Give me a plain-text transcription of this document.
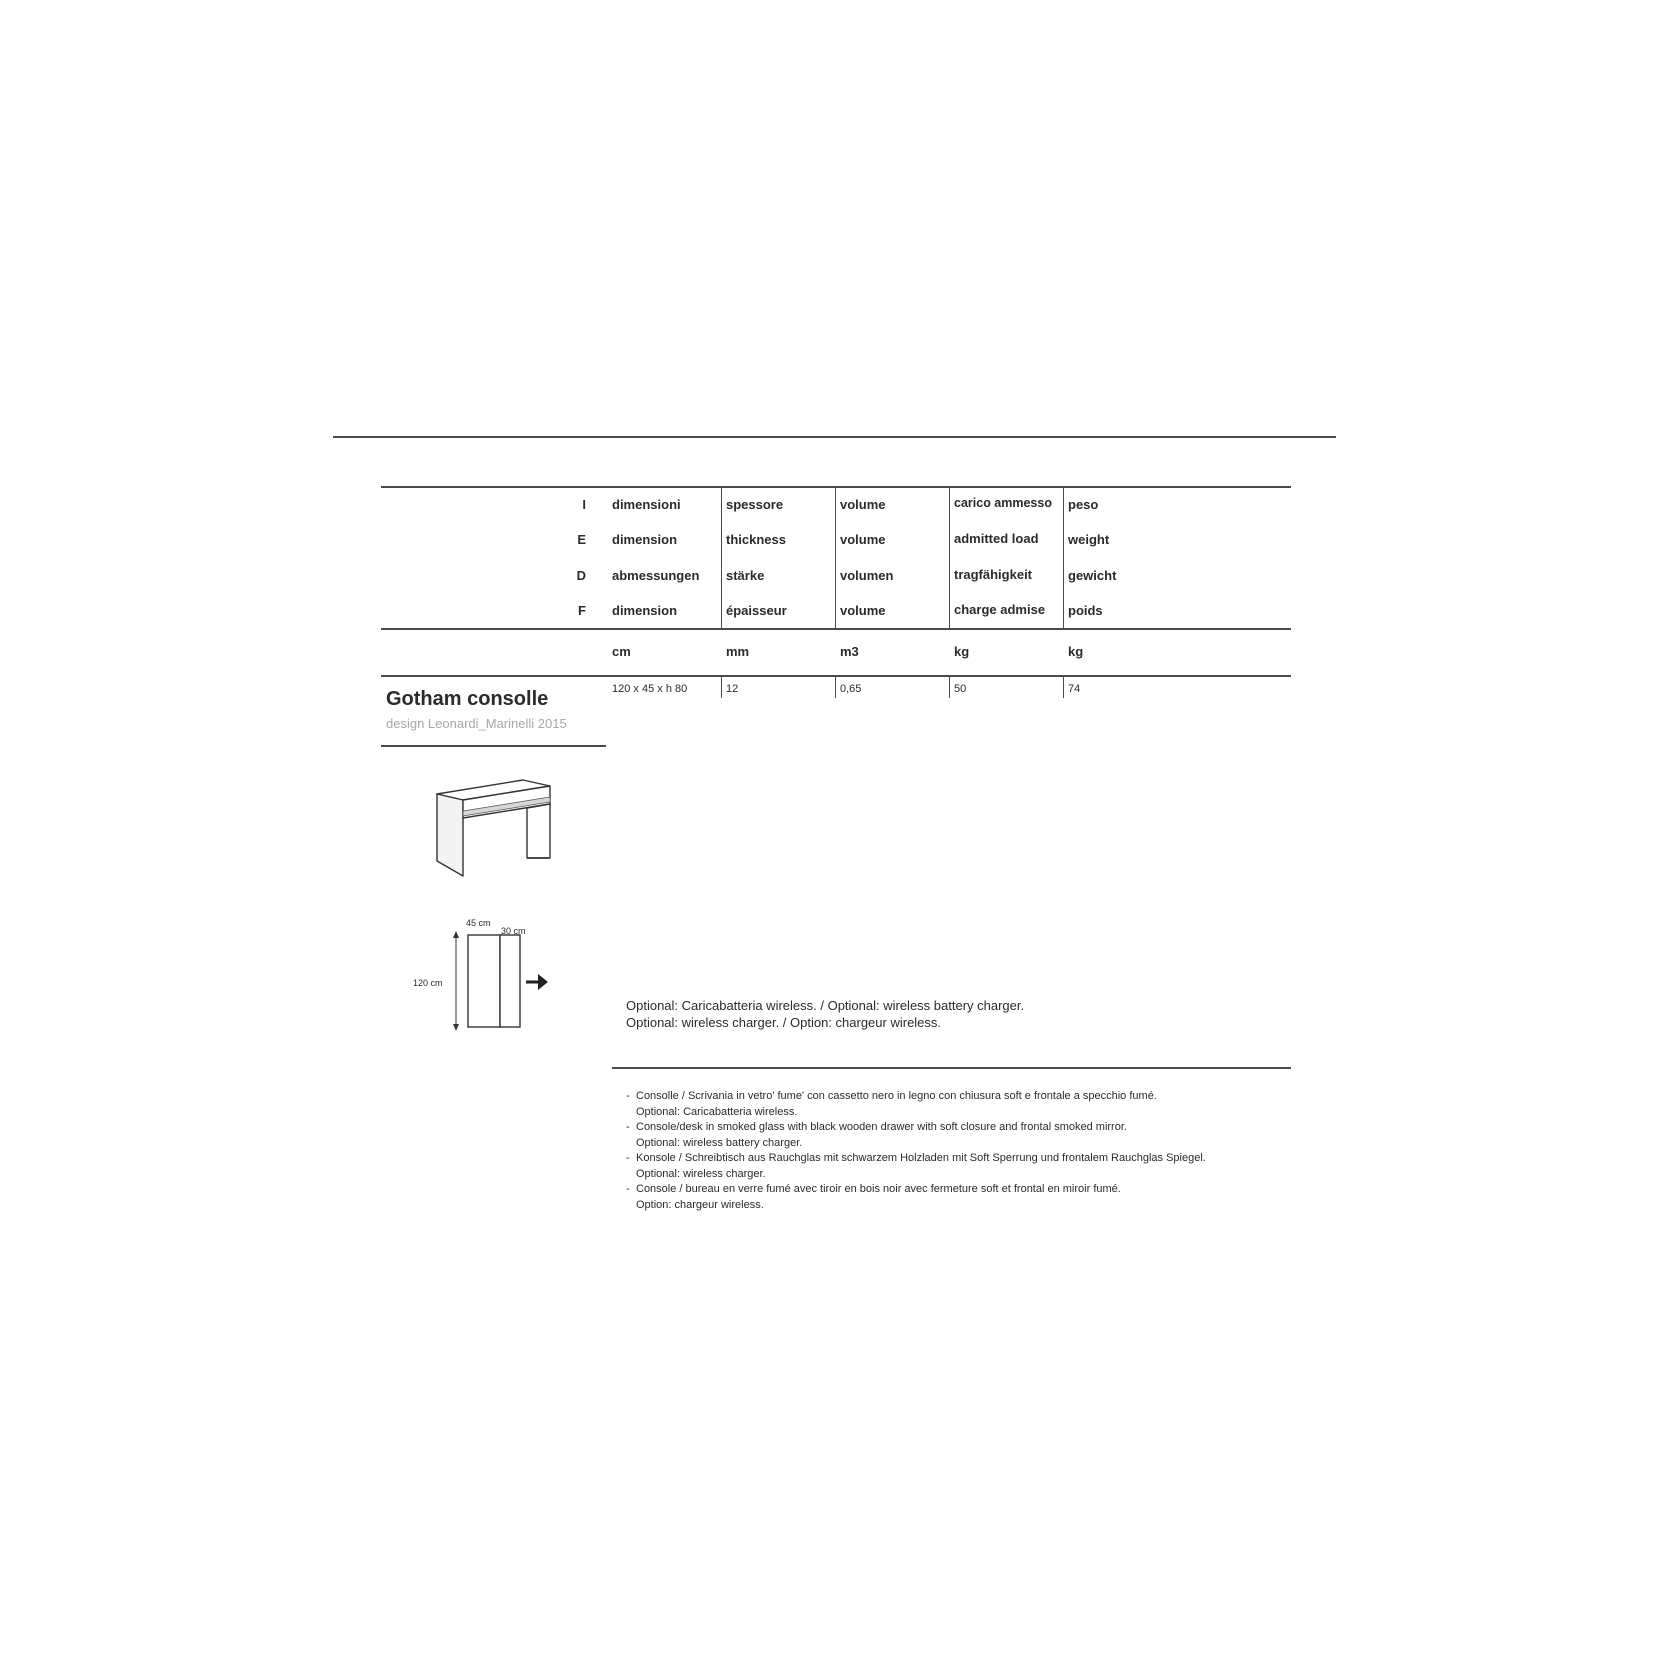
I
E
D
F
dimensioni
dimension
abmessungen
dimension
cm
120 x 45 x h 80
spessore
thickness
stärke
épaisseur
mm
12
volume
volume
volumen
volume
m3
0,65
carico ammesso
admitted load
tragfähigkeit
charge admise
kg
50
peso
weight
gewicht
poids
kg
74
Gotham consolle
design Leonardi_Marinelli 2015
45 cm
30 cm
120 cm
Optional: Caricabatteria wireless. / Optional: wireless battery charger.
Optional: wireless charger. / Option: chargeur wireless.
- Consolle / Scrivania in vetro' fume' con cassetto nero in legno con chiusura soft e frontale a specchio fumé.
Optional: Caricabatteria wireless.
- Console/desk in smoked glass with black wooden drawer with soft closure and frontal smoked mirror.
Optional: wireless battery charger.
- Konsole / Schreibtisch aus Rauchglas mit schwarzem Holzladen mit Soft Sperrung und frontalem Rauchglas Spiegel.
Optional: wireless charger.
- Console / bureau en verre fumé avec tiroir en bois noir avec fermeture soft et frontal en miroir fumé.
Option: chargeur wireless.
